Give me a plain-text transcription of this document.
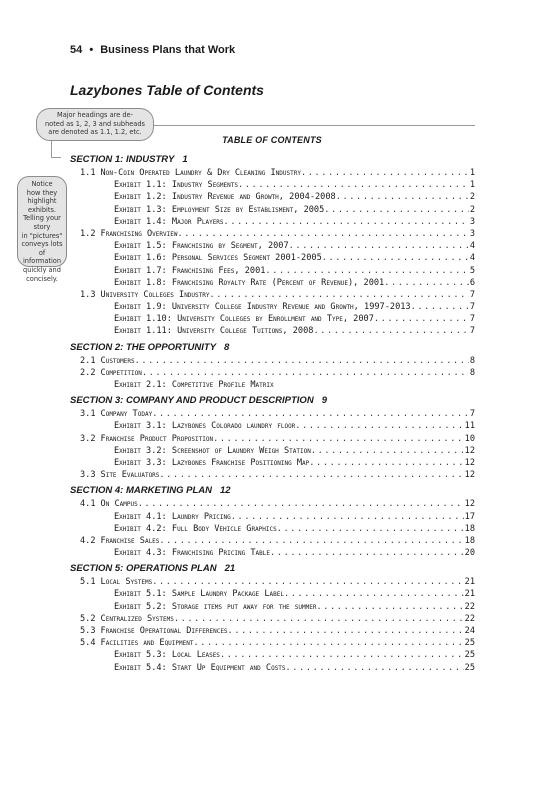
54 • Business Plans that Work
Lazybones Table of Contents
Major headings are de-
noted as 1, 2, 3 and subheads
are denoted as 1.1, 1.2, etc.
Notice
how they
highlight exhibits.
Telling your story
in "pictures"
conveys lots of
information
quickly and
concisely.
TABLE OF CONTENTS
SECTION 1: INDUSTRY 1
1.1 Non-Coin Operated Laundry & Dry Cleaning Industry .....	1
Exhibit 1.1: Industry Segments .....	1
Exhibit 1.2: Industry Revenue and Growth, 2004-2008 .....	2
Exhibit 1.3: Employment Size by Establisment, 2005 .....	2
Exhibit 1.4: Major Players .....	3
1.2 Franchising Overview .....	3
Exhibit 1.5: Franchising by Segment, 2007 .....	4
Exhibit 1.6: Personal Services Segment 2001-2005 .....	4
Exhibit 1.7: Franchising Fees, 2001 .....	5
Exhibit 1.8: Franchising Royalty Rate (Percent of Revenue), 2001 .....	6
1.3 University Colleges Industry .....	7
Exhibit 1.9: University College Industry Revenue and Growth, 1997-2013 .....	7
Exhibit 1.10: University Colleges by Enrollment and Type, 2007 .....	7
Exhibit 1.11: University College Tuitions, 2008 .....	7
SECTION 2: THE OPPORTUNITY 8
2.1 Customers .....	8
2.2 Competition .....	8
Exhibit 2.1: Competitive Profile Matrix
SECTION 3: COMPANY AND PRODUCT DESCRIPTION 9
3.1 Company Today .....	7
Exhibit 3.1: Lazybones Colorado laundry floor .....	11
3.2 Franchise Product Proposition .....	10
Exhibit 3.2: Screenshot of Laundry Weigh Station .....	12
Exhibit 3.3: Lazybones Franchise Positioning Map .....	12
3.3 Site Evaluators .....	12
SECTION 4: MARKETING PLAN 12
4.1 On Campus .....	12
Exhibit 4.1: Laundry Pricing .....	17
Exhibit 4.2: Full Body Vehicle Graphics .....	18
4.2 Franchise Sales .....	18
Exhibit 4.3: Franchising Pricing Table .....	20
SECTION 5: OPERATIONS PLAN 21
5.1 Local Systems .....	21
Exhibit 5.1: Sample Laundry Package Label .....	21
Exhibit 5.2: Storage items put away for the summer .....	22
5.2 Centralized Systems .....	22
5.3 Franchise Operational Differences .....	24
5.4 Facilities and Equipment .....	25
Exhibit 5.3: Local Leases .....	25
Exhibit 5.4: Start Up Equipment and Costs .....	25
